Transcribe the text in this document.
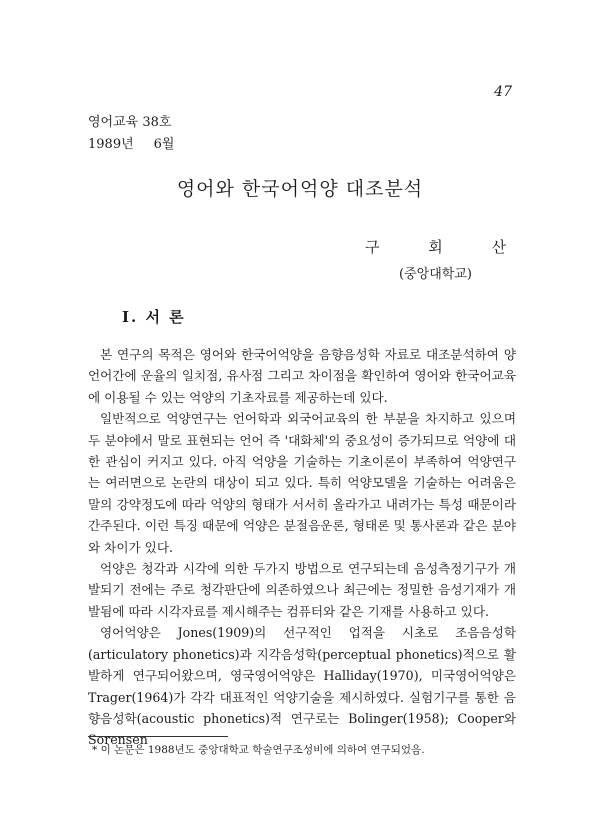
47
영어교육 38호
1989년 6월
영어와 한국어억양 대조분석
구 회 산
(중앙대학교)
I. 서 론

본 연구의 목적은 영어와 한국어억양을 음향음성학 자료로 대조분석하여 양 언어간에 운율의 일치점, 유사점 그리고 차이점을 확인하여 영어와 한국어교육에 이용될 수 있는 억양의 기초자료를 제공하는데 있다.

일반적으로 억양연구는 언어학과 외국어교육의 한 부분을 차지하고 있으며 두 분야에서 말로 표현되는 언어 즉 '대화체'의 중요성이 증가되므로 억양에 대한 관심이 커지고 있다. 아직 억양을 기술하는 기초이론이 부족하여 억양연구는 여러면으로 논란의 대상이 되고 있다. 특히 억양모델을 기술하는 어려움은 말의 강약정도에 따라 억양의 형태가 서서히 올라가고 내려가는 특성 때문이라 간주된다. 이런 특징 때문에 억양은 분절음운론, 형태론 및 통사론과 같은 분야와 차이가 있다.

억양은 청각과 시각에 의한 두가지 방법으로 연구되는데 음성측정기구가 개발되기 전에는 주로 청각판단에 의존하였으나 최근에는 정밀한 음성기재가 개발됨에 따라 시각자료를 제시해주는 컴퓨터와 같은 기재를 사용하고 있다.

영어억양은 Jones(1909)의 선구적인 업적을 시초로 조음음성학(articulatory phonetics)과 지각음성학(perceptual phonetics)적으로 활발하게 연구되어왔으며, 영국영어억양은 Halliday(1970), 미국영어억양은 Trager(1964)가 각각 대표적인 억양기술을 제시하였다. 실험기구를 통한 음향음성학(acoustic phonetics)적 연구로는 Bolinger(1958); Cooper와 Sorensen

* 이 논문은 1988년도 중앙대학교 학술연구조성비에 의하여 연구되었음.
